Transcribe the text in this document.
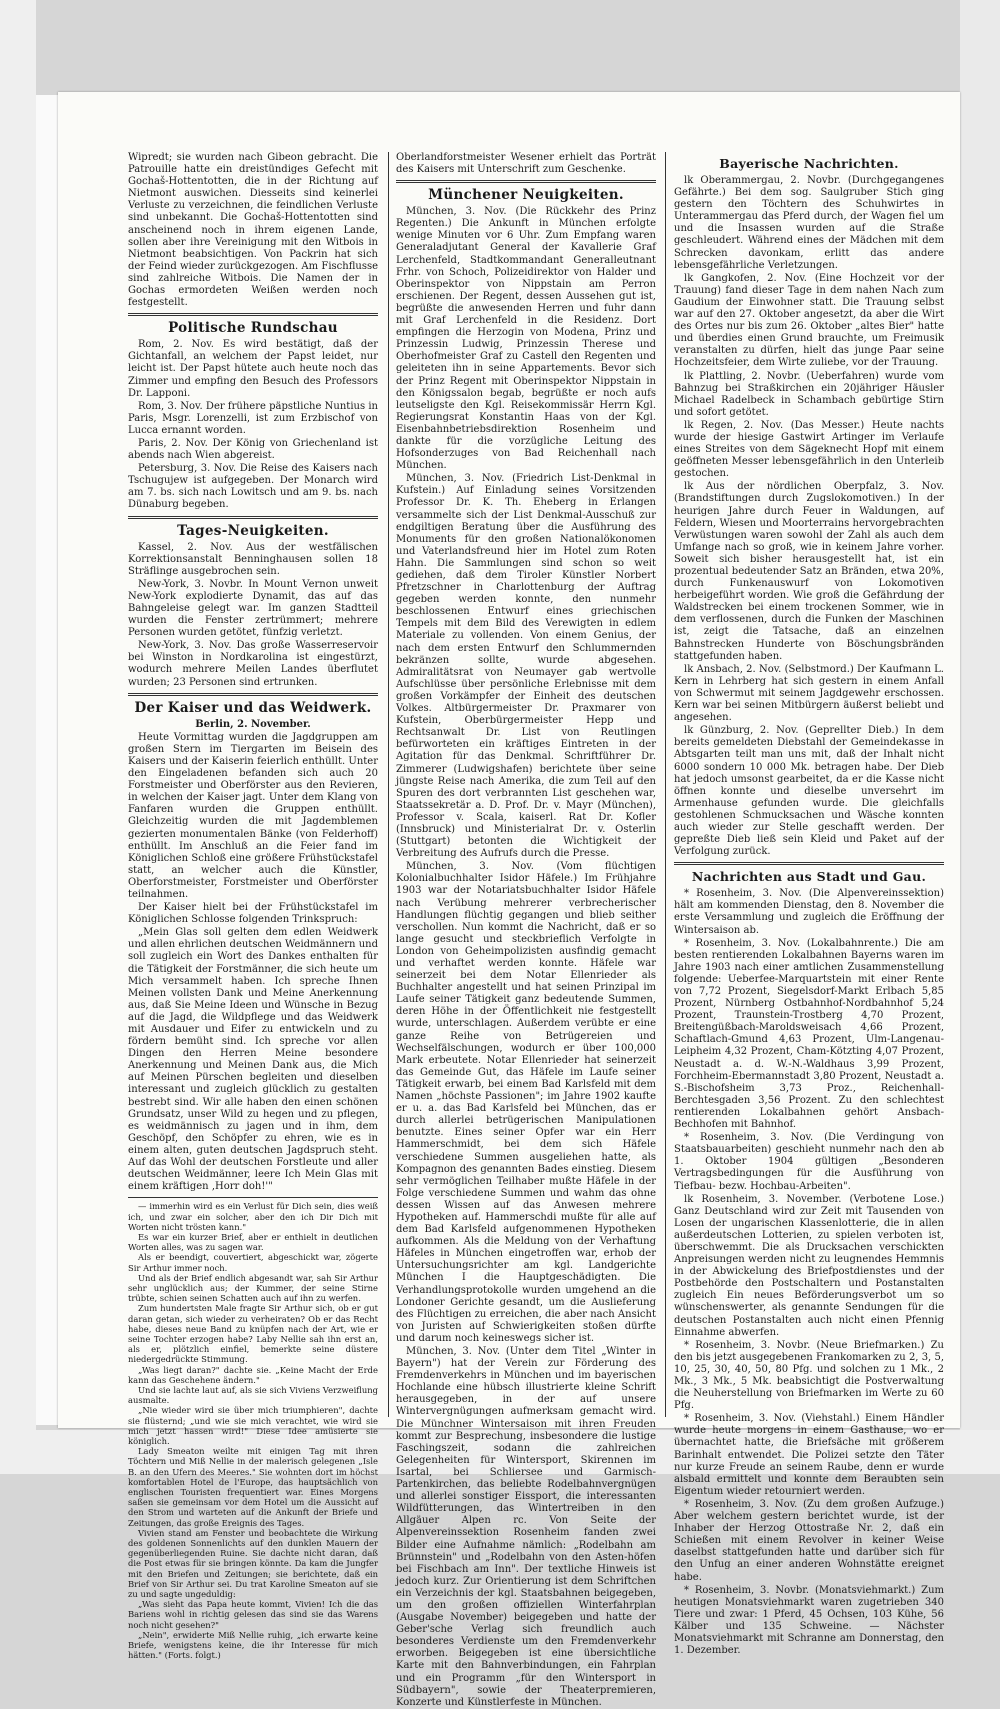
Wipredt; sie wurden nach Gibeon gebracht. Die Patrouille hatte ein dreistündiges Gefecht mit Gochaš-Hottentotten, die in der Richtung auf Nietmont auswichen. Diesseits sind keinerlei Verluste zu verzeichnen, die feindlichen Verluste sind unbekannt. Die Gochaš-Hottentotten sind anscheinend noch in ihrem eigenen Lande, sollen aber ihre Vereinigung mit den Witbois in Nietmont beabsichtigen. Von Packrin hat sich der Feind wieder zurückgezogen. Am Fischflusse sind zahlreiche Witbois. Die Namen der in Gochas ermordeten Weißen werden noch festgestellt.

Politische Rundschau

Rom, 2. Nov. Es wird bestätigt, daß der Gichtanfall, an welchem der Papst leidet, nur leicht ist. Der Papst hütete auch heute noch das Zimmer und empfing den Besuch des Professors Dr. Lapponi.

Rom, 3. Nov. Der frühere päpstliche Nuntius in Paris, Msgr. Lorenzelli, ist zum Erzbischof von Lucca ernannt worden.

Paris, 2. Nov. Der König von Griechenland ist abends nach Wien abgereist.

Petersburg, 3. Nov. Die Reise des Kaisers nach Tschugujew ist aufgegeben. Der Monarch wird am 7. bs. sich nach Lowitsch und am 9. bs. nach Dünaburg begeben.

Tages-Neuigkeiten.

Kassel, 2. Nov. Aus der westfälischen Korrektionsanstalt Benninghausen sollen 18 Sträflinge ausgebrochen sein.

New-York, 3. Novbr. In Mount Vernon unweit New-York explodierte Dynamit, das auf das Bahngeleise gelegt war. Im ganzen Stadtteil wurden die Fenster zertrümmert; mehrere Personen wurden getötet, fünfzig verletzt.

New-York, 3. Nov. Das große Wasserreservoir bei Winston in Nordkarolina ist eingestürzt, wodurch mehrere Meilen Landes überflutet wurden; 23 Personen sind ertrunken.

Der Kaiser und das Weidwerk.

Berlin, 2. November.

Heute Vormittag wurden die Jagdgruppen am großen Stern im Tiergarten im Beisein des Kaisers und der Kaiserin feierlich enthüllt. Unter den Eingeladenen befanden sich auch 20 Forstmeister und Oberförster aus den Revieren, in welchen der Kaiser jagt. Unter dem Klang von Fanfaren wurden die Gruppen enthüllt. Gleichzeitig wurden die mit Jagdemblemen gezierten monumentalen Bänke (von Felderhoff) enthüllt. Im Anschluß an die Feier fand im Königlichen Schloß eine größere Frühstückstafel statt, an welcher auch die Künstler, Oberforstmeister, Forstmeister und Oberförster teilnahmen.

Der Kaiser hielt bei der Frühstückstafel im Königlichen Schlosse folgenden Trinkspruch:

„Mein Glas soll gelten dem edlen Weidwerk und allen ehrlichen deutschen Weidmännern und soll zugleich ein Wort des Dankes enthalten für die Tätigkeit der Forstmänner, die sich heute um Mich versammelt haben. Ich spreche Ihnen Meinen vollsten Dank und Meine Anerkennung aus, daß Sie Meine Ideen und Wünsche in Bezug auf die Jagd, die Wildpflege und das Weidwerk mit Ausdauer und Eifer zu entwickeln und zu fördern bemüht sind. Ich spreche vor allen Dingen den Herren Meine besondere Anerkennung und Meinen Dank aus, die Mich auf Meinen Pürschen begleiten und dieselben interessant und zugleich glücklich zu gestalten bestrebt sind. Wir alle haben den einen schönen Grundsatz, unser Wild zu hegen und zu pflegen, es weidmännisch zu jagen und in ihm, dem Geschöpf, den Schöpfer zu ehren, wie es in einem alten, guten deutschen Jagdspruch steht. Auf das Wohl der deutschen Forstleute und aller deutschen Weidmänner, leere Ich Mein Glas mit einem kräftigen ‚Horr doh!'"

— immerhin wird es ein Verlust für Dich sein, dies weiß ich, und zwar ein solcher, aber den ich Dir Dich mit Worten nicht trösten kann."

Es war ein kurzer Brief, aber er enthielt in deutlichen Worten alles, was zu sagen war.

Als er beendigt, couvertiert, abgeschickt war, zögerte Sir Arthur immer noch.

Und als der Brief endlich abgesandt war, sah Sir Arthur sehr unglücklich aus; der Kummer, der seine Stirne trübte, schien seinen Schatten auch auf ihn zu werfen.

Zum hundertsten Male fragte Sir Arthur sich, ob er gut daran getan, sich wieder zu verheiraten? Ob er das Recht habe, dieses neue Band zu knüpfen nach der Art, wie er seine Tochter erzogen habe? Laby Nellie sah ihn erst an, als er, plötzlich einfiel, bemerkte seine düstere niedergedrückte Stimmung.

„Was liegt daran?" dachte sie. „Keine Macht der Erde kann das Geschehene ändern."

Und sie lachte laut auf, als sie sich Viviens Verzweiflung ausmalte.

„Nie wieder wird sie über mich triumphieren", dachte sie flüsternd; „und wie sie mich verachtet, wie wird sie mich jetzt hassen wird!" Diese Idee amüsierte sie königlich.

Lady Smeaton weilte mit einigen Tag mit ihren Töchtern und Miß Nellie in der malerisch gelegenen „Isle B. an den Ufern des Meeres." Sie wohnten dort im höchst komfortablen Hotel de l'Europe, das hauptsächlich von englischen Touristen frequentiert war. Eines Morgens saßen sie gemeinsam vor dem Hotel um die Aussicht auf den Strom und warteten auf die Ankunft der Briefe und Zeitungen, das große Ereignis des Tages.

Vivien stand am Fenster und beobachtete die Wirkung des goldenen Sonnenlichts auf den dunklen Mauern der gegenüberliegenden Ruine. Sie dachte nicht daran, daß die Post etwas für sie bringen könnte. Da kam die Jungfer mit den Briefen und Zeitungen; sie berichtete, daß ein Brief von Sir Arthur sei. Du trat Karoline Smeaton auf sie zu und sagte ungeduldig:

„Was sieht das Papa heute kommt, Vivien! Ich die das Bariens wohl in richtig gelesen das sind sie das Warens noch nicht gesehen?"

„Nein", erwiderte Miß Nellie ruhig, „ich erwarte keine Briefe, wenigstens keine, die ihr Interesse für mich hätten." (Forts. folgt.)

Oberlandforstmeister Wesener erhielt das Porträt des Kaisers mit Unterschrift zum Geschenke.

Münchener Neuigkeiten.

München, 3. Nov. (Die Rückkehr des Prinz Regenten.) Die Ankunft in München erfolgte wenige Minuten vor 6 Uhr. Zum Empfang waren Generaladjutant General der Kavallerie Graf Lerchenfeld, Stadtkommandant Generalleutnant Frhr. von Schoch, Polizeidirektor von Halder und Oberinspektor von Nippstain am Perron erschienen. Der Regent, dessen Aussehen gut ist, begrüßte die anwesenden Herren und fuhr dann mit Graf Lerchenfeld in die Residenz. Dort empfingen die Herzogin von Modena, Prinz und Prinzessin Ludwig, Prinzessin Therese und Oberhofmeister Graf zu Castell den Regenten und geleiteten ihn in seine Appartements. Bevor sich der Prinz Regent mit Oberinspektor Nippstain in den Königssalon begab, begrüßte er noch aufs leutseligste den Kgl. Reisekommissär Herrn Kgl. Regierungsrat Konstantin Haas von der Kgl. Eisenbahnbetriebsdirektion Rosenheim und dankte für die vorzügliche Leitung des Hofsonderzuges von Bad Reichenhall nach München.

München, 3. Nov. (Friedrich List-Denkmal in Kufstein.) Auf Einladung seines Vorsitzenden Professor Dr. K. Th. Eheberg in Erlangen versammelte sich der List Denkmal-Ausschuß zur endgiltigen Beratung über die Ausführung des Monuments für den großen Nationalökonomen und Vaterlandsfreund hier im Hotel zum Roten Hahn. Die Sammlungen sind schon so weit gediehen, daß dem Tiroler Künstler Norbert Pfretzschner in Charlottenburg der Auftrag gegeben werden konnte, den nunmehr beschlossenen Entwurf eines griechischen Tempels mit dem Bild des Verewigten in edlem Materiale zu vollenden. Von einem Genius, der nach dem ersten Entwurf den Schlummernden bekränzen sollte, wurde abgesehen. Admiralitätsrat von Neumayer gab wertvolle Aufschlüsse über persönliche Erlebnisse mit dem großen Vorkämpfer der Einheit des deutschen Volkes. Altbürgermeister Dr. Praxmarer von Kufstein, Oberbürgermeister Hepp und Rechtsanwalt Dr. List von Reutlingen befürworteten ein kräftiges Eintreten in der Agitation für das Denkmal. Schriftführer Dr. Zimmerer (Ludwigshafen) berichtete über seine jüngste Reise nach Amerika, die zum Teil auf den Spuren des dort verbrannten List geschehen war, Staatssekretär a. D. Prof. Dr. v. Mayr (München), Professor v. Scala, kaiserl. Rat Dr. Kofler (Innsbruck) und Ministerialrat Dr. v. Osterlin (Stuttgart) betonten die Wichtigkeit der Verbreitung des Aufrufs durch die Presse.

München, 3. Nov. (Vom flüchtigen Kolonialbuchhalter Isidor Häfele.) Im Frühjahre 1903 war der Notariatsbuchhalter Isidor Häfele nach Verübung mehrerer verbrecherischer Handlungen flüchtig gegangen und blieb seither verschollen. Nun kommt die Nachricht, daß er so lange gesucht und steckbrieflich Verfolgte in London von Geheimpolizisten ausfindig gemacht und verhaftet werden konnte. Häfele war seinerzeit bei dem Notar Ellenrieder als Buchhalter angestellt und hat seinen Prinzipal im Laufe seiner Tätigkeit ganz bedeutende Summen, deren Höhe in der Öffentlichkeit nie festgestellt wurde, unterschlagen. Außerdem verübte er eine ganze Reihe von Betrügereien und Wechselfälschungen, wodurch er über 100,000 Mark erbeutete. Notar Ellenrieder hat seinerzeit das Gemeinde Gut, das Häfele im Laufe seiner Tätigkeit erwarb, bei einem Bad Karlsfeld mit dem Namen „höchste Passionen"; im Jahre 1902 kaufte er u. a. das Bad Karlsfeld bei München, das er durch allerlei betrügerischen Manipulationen benutzte. Eines seiner Opfer war ein Herr Hammerschmidt, bei dem sich Häfele verschiedene Summen ausgeliehen hatte, als Kompagnon des genannten Bades einstieg. Diesem sehr vermöglichen Teilhaber mußte Häfele in der Folge verschiedene Summen und wahm das ohne dessen Wissen auf das Anwesen mehrere Hypotheken auf. Hammerschdi mußte für alle auf dem Bad Karlsfeld aufgenommenen Hypotheken aufkommen. Als die Meldung von der Verhaftung Häfeles in München eingetroffen war, erhob der Untersuchungsrichter am kgl. Landgerichte München I die Hauptgeschädigten. Die Verhandlungsprotokolle wurden umgehend an die Londoner Gerichte gesandt, um die Auslieferung des Flüchtigen zu erreichen, die aber nach Ansicht von Juristen auf Schwierigkeiten stoßen dürfte und darum noch keineswegs sicher ist.

München, 3. Nov. (Unter dem Titel „Winter in Bayern") hat der Verein zur Förderung des Fremdenverkehrs in München und im bayerischen Hochlande eine hübsch illustrierte kleine Schrift herausgegeben, in der auf unsere Wintervergnügungen aufmerksam gemacht wird. Die Münchner Wintersaison mit ihren Freuden kommt zur Besprechung, insbesondere die lustige Faschingszeit, sodann die zahlreichen Gelegenheiten für Wintersport, Skirennen im Isartal, bei Schliersee und Garmisch-Partenkirchen, das beliebte Rodelbahnvergnügen und allerlei sonstiger Eissport, die interessanten Wildfütterungen, das Wintertreiben in den Allgäuer Alpen rc. Von Seite der Alpenvereinssektion Rosenheim fanden zwei Bilder eine Aufnahme nämlich: „Rodelbahn am Brünnstein" und „Rodelbahn von den Asten-höfen bei Fischbach am Inn". Der textliche Hinweis ist jedoch kurz. Zur Orientierung ist dem Schriftchen ein Verzeichnis der kgl. Staatsbahnen beigegeben, um den großen offiziellen Winterfahrplan (Ausgabe November) beigegeben und hatte der Geber'sche Verlag sich freundlich auch besonderes Verdienste um den Fremdenverkehr erworben. Beigegeben ist eine übersichtliche Karte mit den Bahnverbindungen, ein Fahrplan und ein Programm „für den Wintersport in Südbayern", sowie der Theaterpremieren, Konzerte und Künstlerfeste in München.

Bayerische Nachrichten.

lk Oberammergau, 2. Novbr. (Durchgegangenes Gefährte.) Bei dem sog. Saulgruber Stich ging gestern den Töchtern des Schuhwirtes in Unterammergau das Pferd durch, der Wagen fiel um und die Insassen wurden auf die Straße geschleudert. Während eines der Mädchen mit dem Schrecken davonkam, erlitt das andere lebensgefährliche Verletzungen.

lk Gangkofen, 2. Nov. (Eine Hochzeit vor der Trauung) fand dieser Tage in dem nahen Nach zum Gaudium der Einwohner statt. Die Trauung selbst war auf den 27. Oktober angesetzt, da aber die Wirt des Ortes nur bis zum 26. Oktober „altes Bier" hatte und überdies einen Grund brauchte, um Freimusik veranstalten zu dürfen, hielt das junge Paar seine Hochzeitsfeier, dem Wirte zuliebe, vor der Trauung.

lk Plattling, 2. Novbr. (Ueberfahren) wurde vom Bahnzug bei Straßkirchen ein 20jähriger Häusler Michael Radelbeck in Schambach gebürtige Stirn und sofort getötet.

lk Regen, 2. Nov. (Das Messer.) Heute nachts wurde der hiesige Gastwirt Artinger im Verlaufe eines Streites von dem Sägeknecht Hopf mit einem geöffneten Messer lebensgefährlich in den Unterleib gestochen.

lk Aus der nördlichen Oberpfalz, 3. Nov. (Brandstiftungen durch Zugslokomotiven.) In der heurigen Jahre durch Feuer in Waldungen, auf Feldern, Wiesen und Moorterrains hervorgebrachten Verwüstungen waren sowohl der Zahl als auch dem Umfange nach so groß, wie in keinem Jahre vorher. Soweit sich bisher herausgestellt hat, ist ein prozentual bedeutender Satz an Bränden, etwa 20%, durch Funkenauswurf von Lokomotiven herbeigeführt worden. Wie groß die Gefährdung der Waldstrecken bei einem trockenen Sommer, wie in dem verflossenen, durch die Funken der Maschinen ist, zeigt die Tatsache, daß an einzelnen Bahnstrecken Hunderte von Böschungsbränden stattgefunden haben.

lk Ansbach, 2. Nov. (Selbstmord.) Der Kaufmann L. Kern in Lehrberg hat sich gestern in einem Anfall von Schwermut mit seinem Jagdgewehr erschossen. Kern war bei seinen Mitbürgern äußerst beliebt und angesehen.

lk Günzburg, 2. Nov. (Geprellter Dieb.) In dem bereits gemeldeten Diebstahl der Gemeindekasse in Abtsgarten teilt man uns mit, daß der Inhalt nicht 6000 sondern 10 000 Mk. betragen habe. Der Dieb hat jedoch umsonst gearbeitet, da er die Kasse nicht öffnen konnte und dieselbe unversehrt im Armenhause gefunden wurde. Die gleichfalls gestohlenen Schmucksachen und Wäsche konnten auch wieder zur Stelle geschafft werden. Der gepreßte Dieb ließ sein Kleid und Paket auf der Verfolgung zurück.

Nachrichten aus Stadt und Gau.

* Rosenheim, 3. Nov. (Die Alpenvereinssektion) hält am kommenden Dienstag, den 8. November die erste Versammlung und zugleich die Eröffnung der Wintersaison ab.

* Rosenheim, 3. Nov. (Lokalbahnrente.) Die am besten rentierenden Lokalbahnen Bayerns waren im Jahre 1903 nach einer amtlichen Zusammenstellung folgende: Ueberfee-Marquartstein mit einer Rente von 7,72 Prozent, Siegelsdorf-Markt Erlbach 5,85 Prozent, Nürnberg Ostbahnhof-Nordbahnhof 5,24 Prozent, Traunstein-Trostberg 4,70 Prozent, Breitengüßbach-Maroldsweisach 4,66 Prozent, Schaftlach-Gmund 4,63 Prozent, Ulm-Langenau-Leipheim 4,32 Prozent, Cham-Kötzting 4,07 Prozent, Neustadt a. d. W.-N.-Waldhaus 3,99 Prozent, Forchheim-Ebermannstadt 3,80 Prozent, Neustadt a. S.-Bischofsheim 3,73 Proz., Reichenhall-Berchtesgaden 3,56 Prozent. Zu den schlechtest rentierenden Lokalbahnen gehört Ansbach-Bechhofen mit Bahnhof.

* Rosenheim, 3. Nov. (Die Verdingung von Staatsbauarbeiten) geschieht nunmehr nach den ab 1. Oktober 1904 gültigen „Besonderen Vertragsbedingungen für die Ausführung von Tiefbau- bezw. Hochbau-Arbeiten".

lk Rosenheim, 3. November. (Verbotene Lose.) Ganz Deutschland wird zur Zeit mit Tausenden von Losen der ungarischen Klassenlotterie, die in allen außerdeutschen Lotterien, zu spielen verboten ist, überschwemmt. Die als Drucksachen verschickten Anpreisungen werden nicht zu leugnendes Hemmnis in der Abwickelung des Briefpostdienstes und der Postbehörde den Postschaltern und Postanstalten zugleich Ein neues Beförderungsverbot um so wünschenswerter, als genannte Sendungen für die deutschen Postanstalten auch nicht einen Pfennig Einnahme abwerfen.

* Rosenheim, 3. Novbr. (Neue Briefmarken.) Zu den bis jetzt ausgegebenen Frankomarken zu 2, 3, 5, 10, 25, 30, 40, 50, 80 Pfg. und solchen zu 1 Mk., 2 Mk., 3 Mk., 5 Mk. beabsichtigt die Postverwaltung die Neuherstellung von Briefmarken im Werte zu 60 Pfg.

* Rosenheim, 3. Nov. (Viehstahl.) Einem Händler wurde heute morgens in einem Gasthause, wo er übernachtet hatte, die Briefsäche mit größerem Barinhalt entwendet. Die Polizei setzte den Täter nur kurze Freude an seinem Raube, denn er wurde alsbald ermittelt und konnte dem Beraubten sein Eigentum wieder retourniert werden.

* Rosenheim, 3. Nov. (Zu dem großen Aufzuge.) Aber welchem gestern berichtet wurde, ist der Inhaber der Herzog Ottostraße Nr. 2, daß ein Schießen mit einem Revolver in keiner Weise daselbst stattgefunden hatte und darüber sich für den Unfug an einer anderen Wohnstätte ereignet habe.

* Rosenheim, 3. Novbr. (Monatsviehmarkt.) Zum heutigen Monatsviehmarkt waren zugetrieben 340 Tiere und zwar: 1 Pferd, 45 Ochsen, 103 Kühe, 56 Kälber und 135 Schweine. — Nächster Monatsviehmarkt mit Schranne am Donnerstag, den 1. Dezember.
